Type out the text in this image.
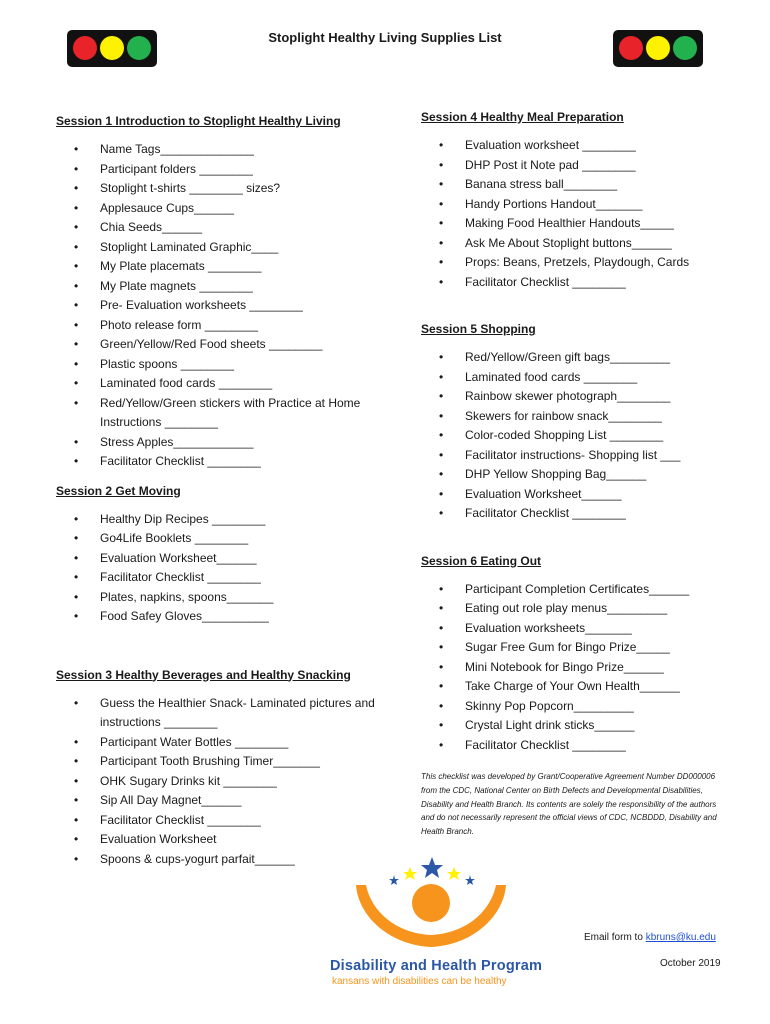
Stoplight Healthy Living Supplies List
Session 1 Introduction to Stoplight Healthy Living
• Name Tags______________
• Participant folders ________
• Stoplight t-shirts ________ sizes?
• Applesauce Cups______
• Chia Seeds______
• Stoplight Laminated Graphic____
• My Plate placemats ________
• My Plate magnets ________
• Pre- Evaluation worksheets ________
• Photo release form ________
• Green/Yellow/Red Food sheets ________
• Plastic spoons ________
• Laminated food cards ________
• Red/Yellow/Green stickers with Practice at Home Instructions ________
• Stress Apples____________
• Facilitator Checklist ________
Session 2 Get Moving
• Healthy Dip Recipes ________
• Go4Life Booklets ________
• Evaluation Worksheet______
• Facilitator Checklist ________
• Plates, napkins, spoons_______
• Food Safey Gloves__________
Session 3 Healthy Beverages and Healthy Snacking
• Guess the Healthier Snack- Laminated pictures and instructions ________
• Participant Water Bottles ________
• Participant Tooth Brushing Timer_______
• OHK Sugary Drinks kit ________
• Sip All Day Magnet______
• Facilitator Checklist ________
• Evaluation Worksheet
• Spoons & cups-yogurt parfait______
Session 4 Healthy Meal Preparation
• Evaluation worksheet ________
• DHP Post it Note pad ________
• Banana stress ball________
• Handy Portions Handout_______
• Making Food Healthier Handouts_____
• Ask Me About Stoplight buttons______
• Props: Beans, Pretzels, Playdough, Cards
• Facilitator Checklist ________
Session 5 Shopping
• Red/Yellow/Green gift bags_________
• Laminated food cards ________
• Rainbow skewer photograph________
• Skewers for rainbow snack________
• Color-coded Shopping List ________
• Facilitator instructions- Shopping list ___
• DHP Yellow Shopping Bag______
• Evaluation Worksheet______
• Facilitator Checklist ________
Session 6 Eating Out
• Participant Completion Certificates______
• Eating out role play menus_________
• Evaluation worksheets_______
• Sugar Free Gum for Bingo Prize_____
• Mini Notebook for Bingo Prize______
• Take Charge of Your Own Health______
• Skinny Pop Popcorn_________
• Crystal Light drink sticks______
• Facilitator Checklist ________
This checklist was developed by Grant/Cooperative Agreement Number DD000006 from the CDC, National Center on Birth Defects and Developmental Disabilities, Disability and Health Branch. Its contents are solely the responsibility of the authors and do not necessarily represent the official views of CDC, NCBDDD, Disability and Health Branch.
Disability and Health Program
kansans with disabilities can be healthy
Email form to kbruns@ku.edu
October 2019
